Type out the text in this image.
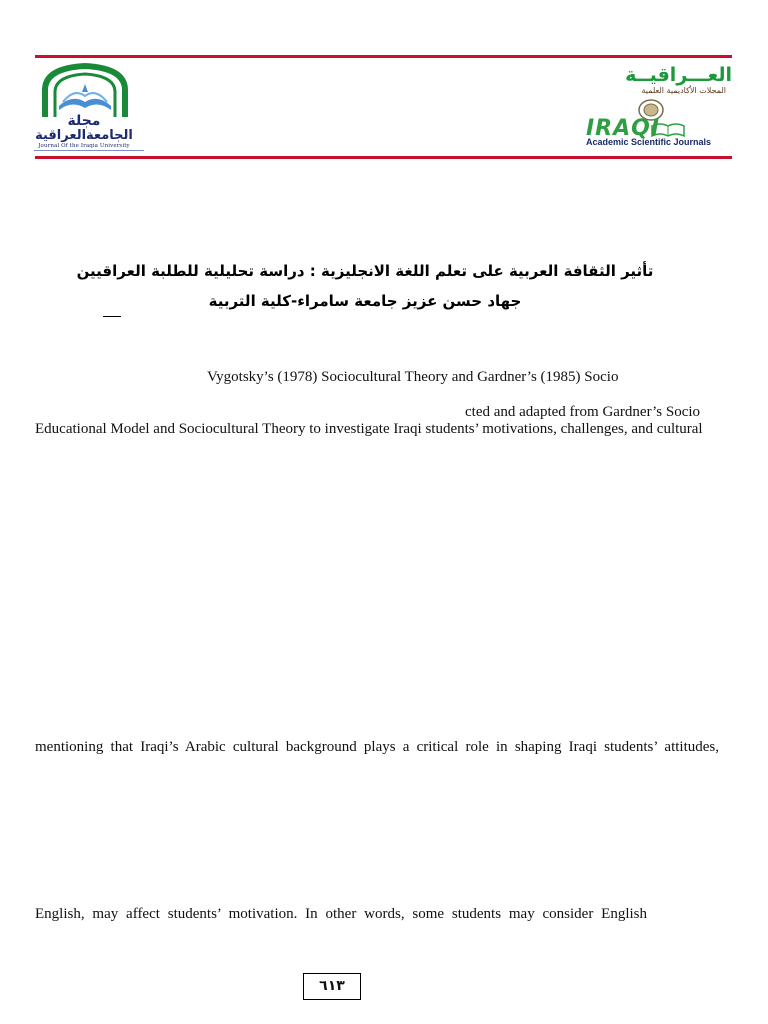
مجلة
الجامعةالعراقية
Journal Of the Iraqia University
العـــراقيــة
المجلات الأكاديمية العلمية
IRAQI
Academic Scientific Journals
تأثير الثقافة العربية على تعلم اللغة الانجليزية : دراسة تحليلية للطلبة العراقيين
جهاد حسن عزيز جامعة سامراء-كلية التربية
Vygotsky’s (1978) Sociocultural Theory and Gardner’s (1985) Socio
cted and adapted from Gardner’s Socio
Educational Model and Sociocultural Theory to investigate Iraqi students’ motivations, challenges, and cultural
mentioning that Iraqi’s Arabic cultural background plays a critical role in shaping Iraqi students’ attitudes,
English, may affect students’ motivation. In other words, some students may consider English
٦١٣
